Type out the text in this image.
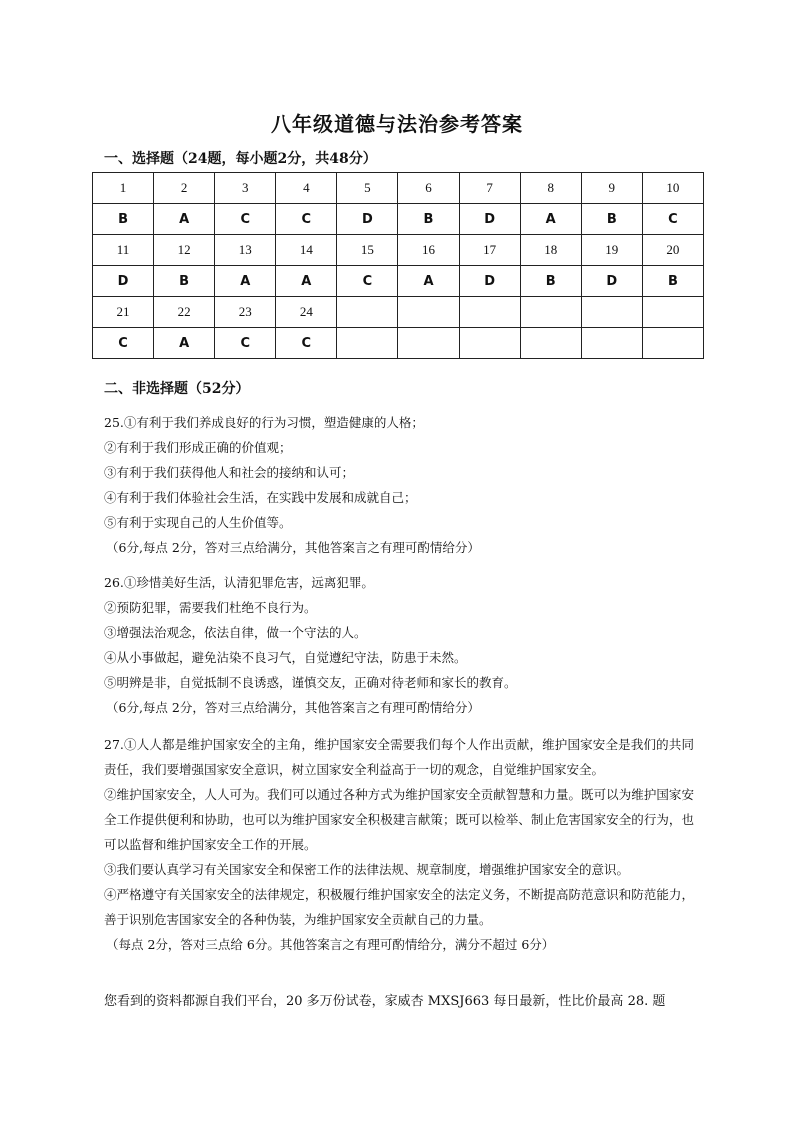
八年级道德与法治参考答案
一、选择题（24题，每小题2分，共48分）
1	2	3	4	5	6	7	8	9	10
B	A	C	C	D	B	D	A	B	C
11	12	13	14	15	16	17	18	19	20
D	B	A	A	C	A	D	B	D	B
21	22	23	24						
C	A	C	C						
二、非选择题（52分）
25.①有利于我们养成良好的行为习惯，塑造健康的人格；
②有利于我们形成正确的价值观；
③有利于我们获得他人和社会的接纳和认可；
④有利于我们体验社会生活，在实践中发展和成就自己；
⑤有利于实现自己的人生价值等。
（6分,每点 2分，答对三点给满分，其他答案言之有理可酌情给分）
26.①珍惜美好生活，认清犯罪危害，远离犯罪。
②预防犯罪，需要我们杜绝不良行为。
③增强法治观念，依法自律，做一个守法的人。
④从小事做起，避免沾染不良习气，自觉遵纪守法，防患于未然。
⑤明辨是非，自觉抵制不良诱惑，谨慎交友，正确对待老师和家长的教育。
（6分,每点 2分，答对三点给满分，其他答案言之有理可酌情给分）
27.①人人都是维护国家安全的主角，维护国家安全需要我们每个人作出贡献，维护国家安全是我们的共同责任，我们要增强国家安全意识，树立国家安全利益高于一切的观念，自觉维护国家安全。
②维护国家安全，人人可为。我们可以通过各种方式为维护国家安全贡献智慧和力量。既可以为维护国家安全工作提供便利和协助，也可以为维护国家安全积极建言献策；既可以检举、制止危害国家安全的行为，也可以监督和维护国家安全工作的开展。
③我们要认真学习有关国家安全和保密工作的法律法规、规章制度，增强维护国家安全的意识。
④严格遵守有关国家安全的法律规定，积极履行维护国家安全的法定义务，不断提高防范意识和防范能力，善于识别危害国家安全的各种伪装，为维护国家安全贡献自己的力量。
（每点 2分，答对三点给 6分。其他答案言之有理可酌情给分，满分不超过 6分）
您看到的资料都源自我们平台，20 多万份试卷，家威杏 MXSJ663 每日最新，性比价最高 28. 题
